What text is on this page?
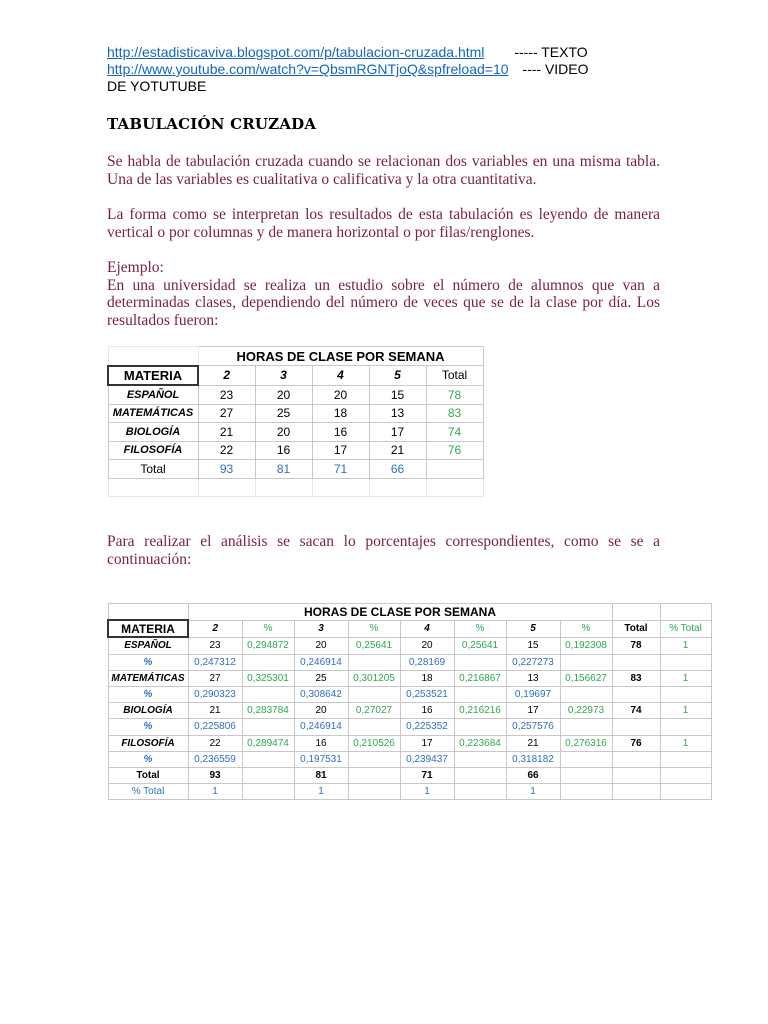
http://estadisticaviva.blogspot.com/p/tabulacion-cruzada.html ----- TEXTO
http://www.youtube.com/watch?v=QbsmRGNTjoQ&spfreload=10 ---- VIDEO
DE YOTUTUBE
TABULACIÓN CRUZADA

Se habla de tabulación cruzada cuando se relacionan dos variables en una misma tabla. Una de las variables es cualitativa o calificativa y la otra cuantitativa.

La forma como se interpretan los resultados de esta tabulación es leyendo de manera vertical o por columnas y de manera horizontal o por filas/renglones.

Ejemplo:
En una universidad se realiza un estudio sobre el número de alumnos que van a determinadas clases, dependiendo del número de veces que se de la clase por día. Los resultados fueron:

	HORAS DE CLASE POR SEMANA				
MATERIA	2	3	4	5	Total
ESPAÑOL	23	20	20	15	78
MATEMÁTICAS	27	25	18	13	83
BIOLOGÍA	21	20	16	17	74
FILOSOFÍA	22	16	17	21	76
Total	93	81	71	66	

Para realizar el análisis se sacan lo porcentajes correspondientes, como se se a continuación:

	HORAS DE CLASE POR SEMANA									
MATERIA	2	%	3	%	4	%	5	%	Total	% Total
ESPAÑOL	23	0,294872	20	0,25641	20	0,25641	15	0,192308	78	1
%	0,247312		0,246914		0,28169		0,227273			
MATEMÁTICAS	27	0,325301	25	0,301205	18	0,216867	13	0,156627	83	1
%	0,290323		0,308642		0,253521		0,19697			
BIOLOGÍA	21	0,283784	20	0,27027	16	0,216216	17	0,22973	74	1
%	0,225806		0,246914		0,225352		0,257576			
FILOSOFÍA	22	0,289474	16	0,210526	17	0,223684	21	0,276316	76	1
%	0,236559		0,197531		0,239437		0,318182			
Total	93		81		71		66			
% Total	1		1		1		1			
